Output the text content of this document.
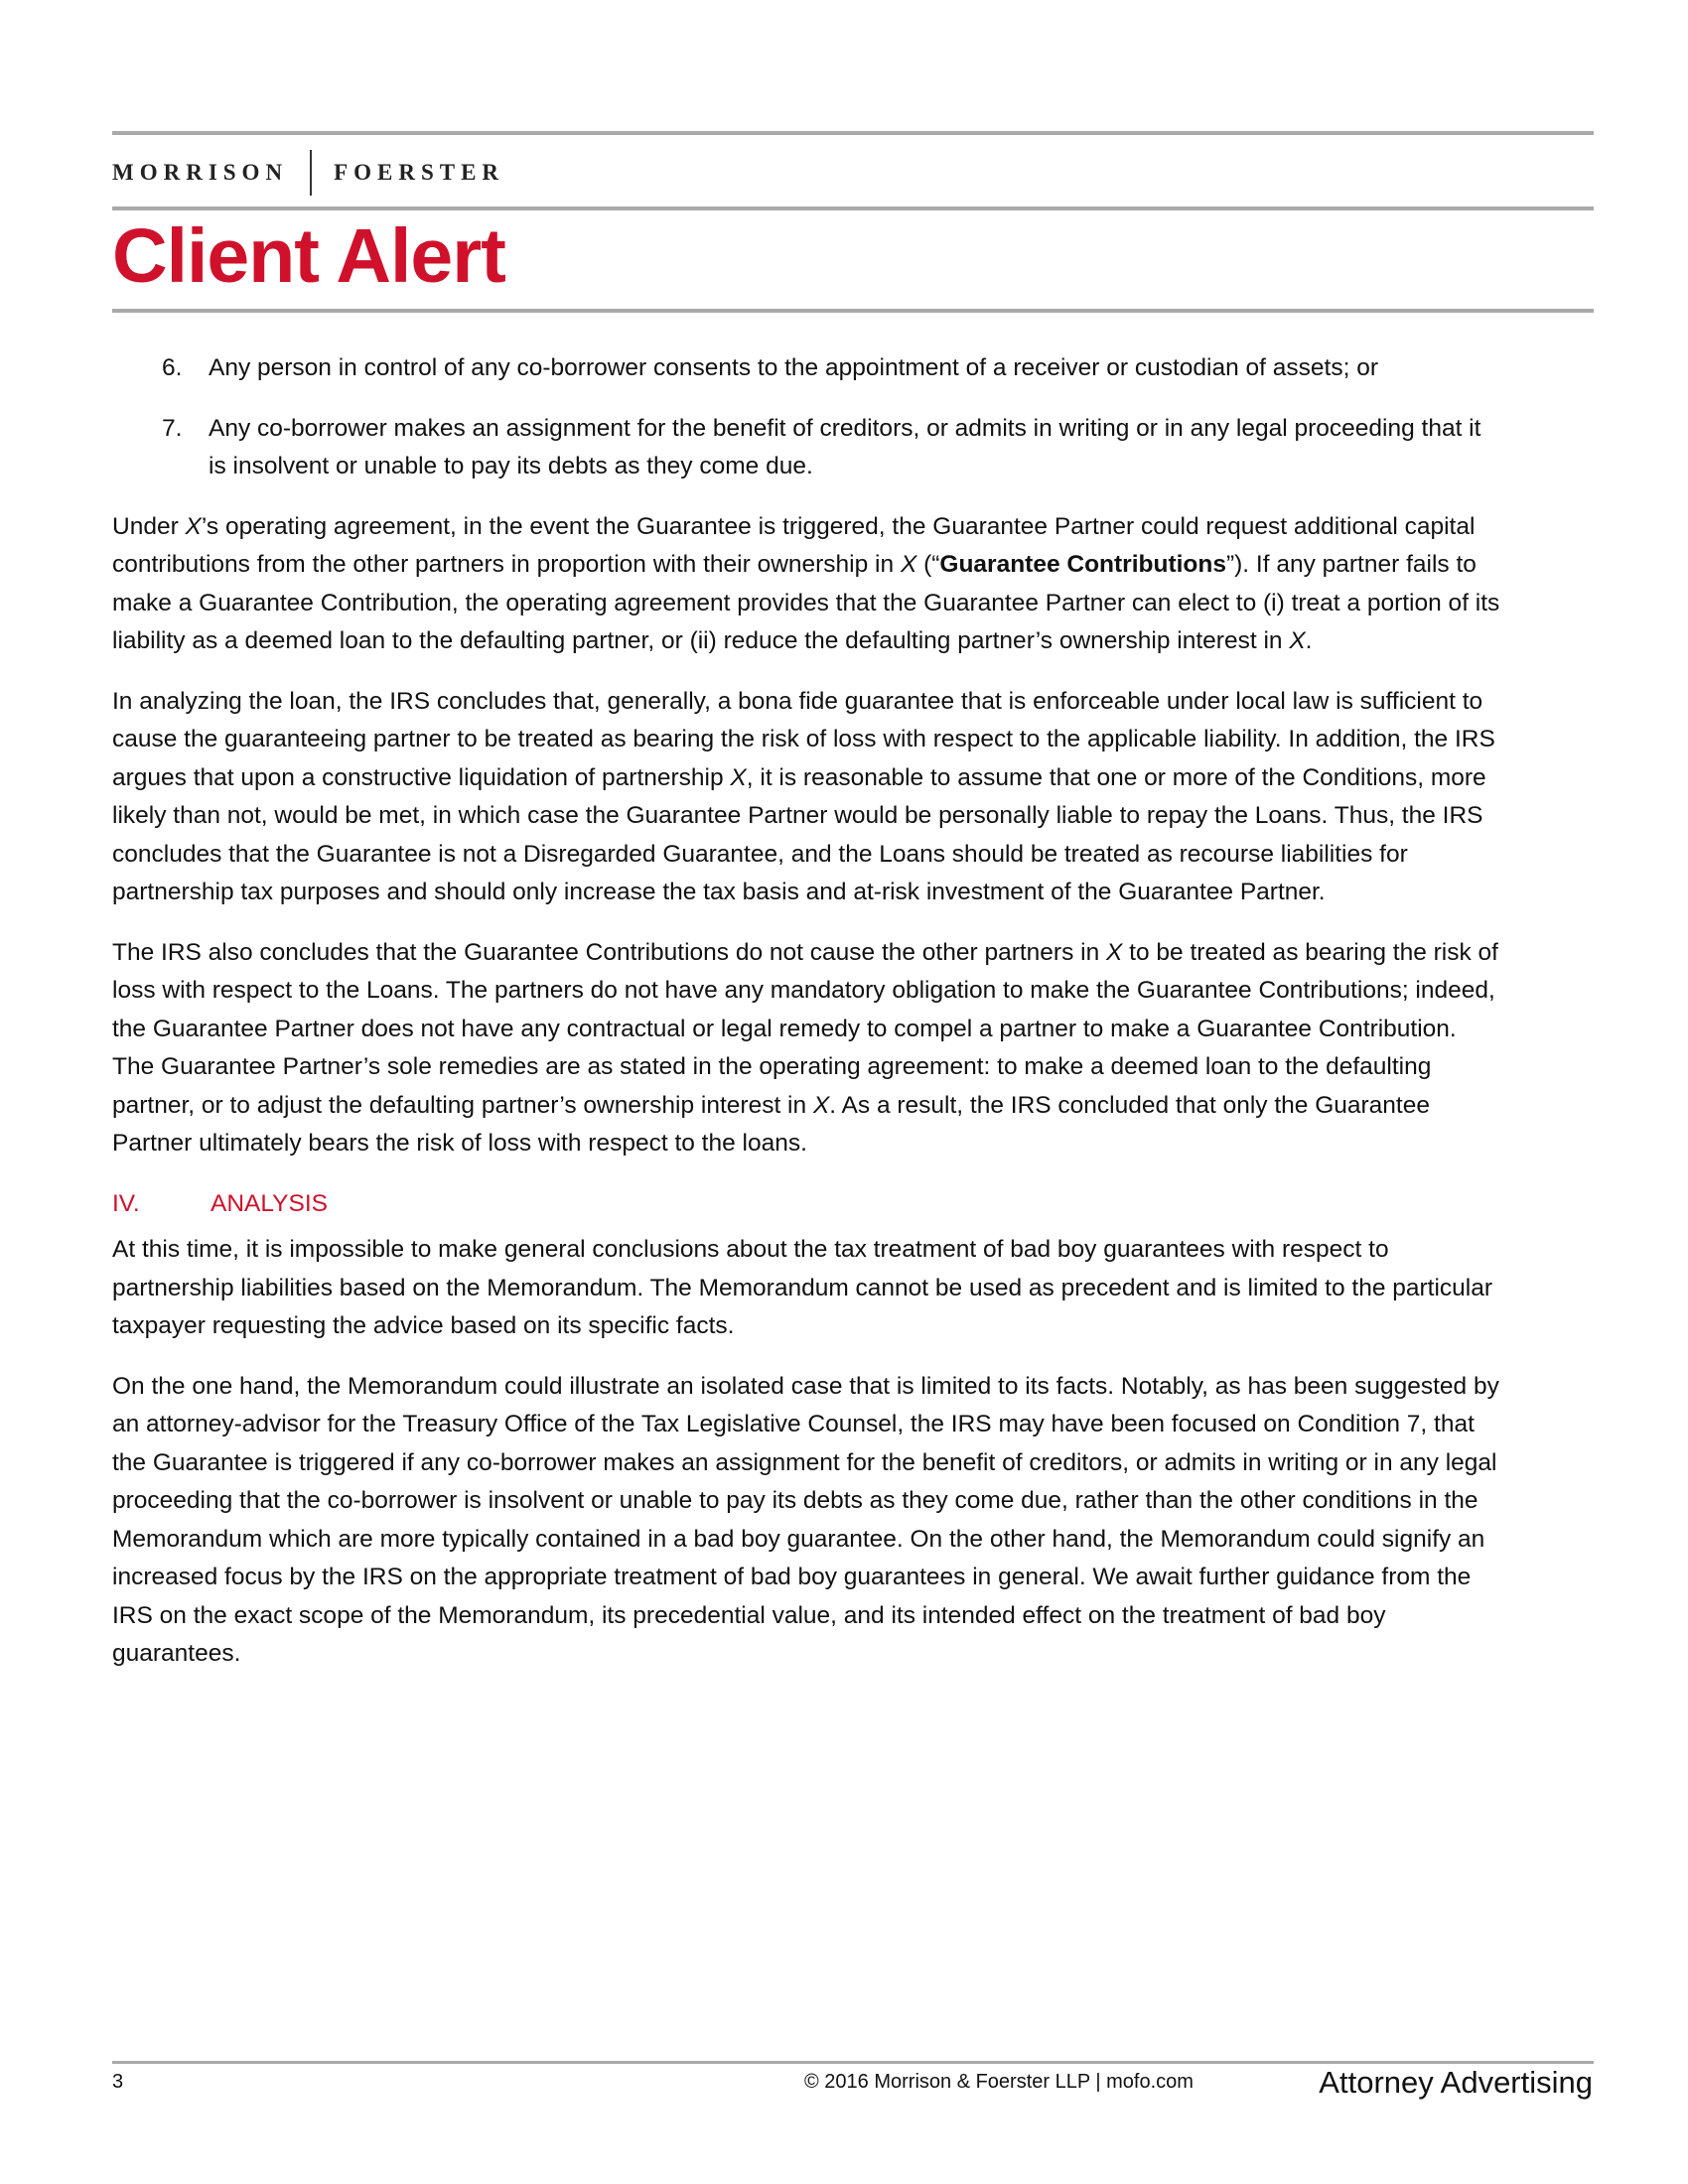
MORRISON FOERSTER
Client Alert
6. Any person in control of any co-borrower consents to the appointment of a receiver or custodian of assets; or
7. Any co-borrower makes an assignment for the benefit of creditors, or admits in writing or in any legal proceeding that it is insolvent or unable to pay its debts as they come due.

Under X’s operating agreement, in the event the Guarantee is triggered, the Guarantee Partner could request additional capital contributions from the other partners in proportion with their ownership in X (“Guarantee Contributions”). If any partner fails to make a Guarantee Contribution, the operating agreement provides that the Guarantee Partner can elect to (i) treat a portion of its liability as a deemed loan to the defaulting partner, or (ii) reduce the defaulting partner’s ownership interest in X.

In analyzing the loan, the IRS concludes that, generally, a bona fide guarantee that is enforceable under local law is sufficient to cause the guaranteeing partner to be treated as bearing the risk of loss with respect to the applicable liability. In addition, the IRS argues that upon a constructive liquidation of partnership X, it is reasonable to assume that one or more of the Conditions, more likely than not, would be met, in which case the Guarantee Partner would be personally liable to repay the Loans. Thus, the IRS concludes that the Guarantee is not a Disregarded Guarantee, and the Loans should be treated as recourse liabilities for partnership tax purposes and should only increase the tax basis and at-risk investment of the Guarantee Partner.

The IRS also concludes that the Guarantee Contributions do not cause the other partners in X to be treated as bearing the risk of loss with respect to the Loans. The partners do not have any mandatory obligation to make the Guarantee Contributions; indeed, the Guarantee Partner does not have any contractual or legal remedy to compel a partner to make a Guarantee Contribution. The Guarantee Partner’s sole remedies are as stated in the operating agreement: to make a deemed loan to the defaulting partner, or to adjust the defaulting partner’s ownership interest in X. As a result, the IRS concluded that only the Guarantee Partner ultimately bears the risk of loss with respect to the loans.

IV.	ANALYSIS

At this time, it is impossible to make general conclusions about the tax treatment of bad boy guarantees with respect to partnership liabilities based on the Memorandum. The Memorandum cannot be used as precedent and is limited to the particular taxpayer requesting the advice based on its specific facts.

On the one hand, the Memorandum could illustrate an isolated case that is limited to its facts. Notably, as has been suggested by an attorney-advisor for the Treasury Office of the Tax Legislative Counsel, the IRS may have been focused on Condition 7, that the Guarantee is triggered if any co-borrower makes an assignment for the benefit of creditors, or admits in writing or in any legal proceeding that the co-borrower is insolvent or unable to pay its debts as they come due, rather than the other conditions in the Memorandum which are more typically contained in a bad boy guarantee. On the other hand, the Memorandum could signify an increased focus by the IRS on the appropriate treatment of bad boy guarantees in general. We await further guidance from the IRS on the exact scope of the Memorandum, its precedential value, and its intended effect on the treatment of bad boy guarantees.

3	© 2016 Morrison & Foerster LLP | mofo.com	Attorney Advertising
